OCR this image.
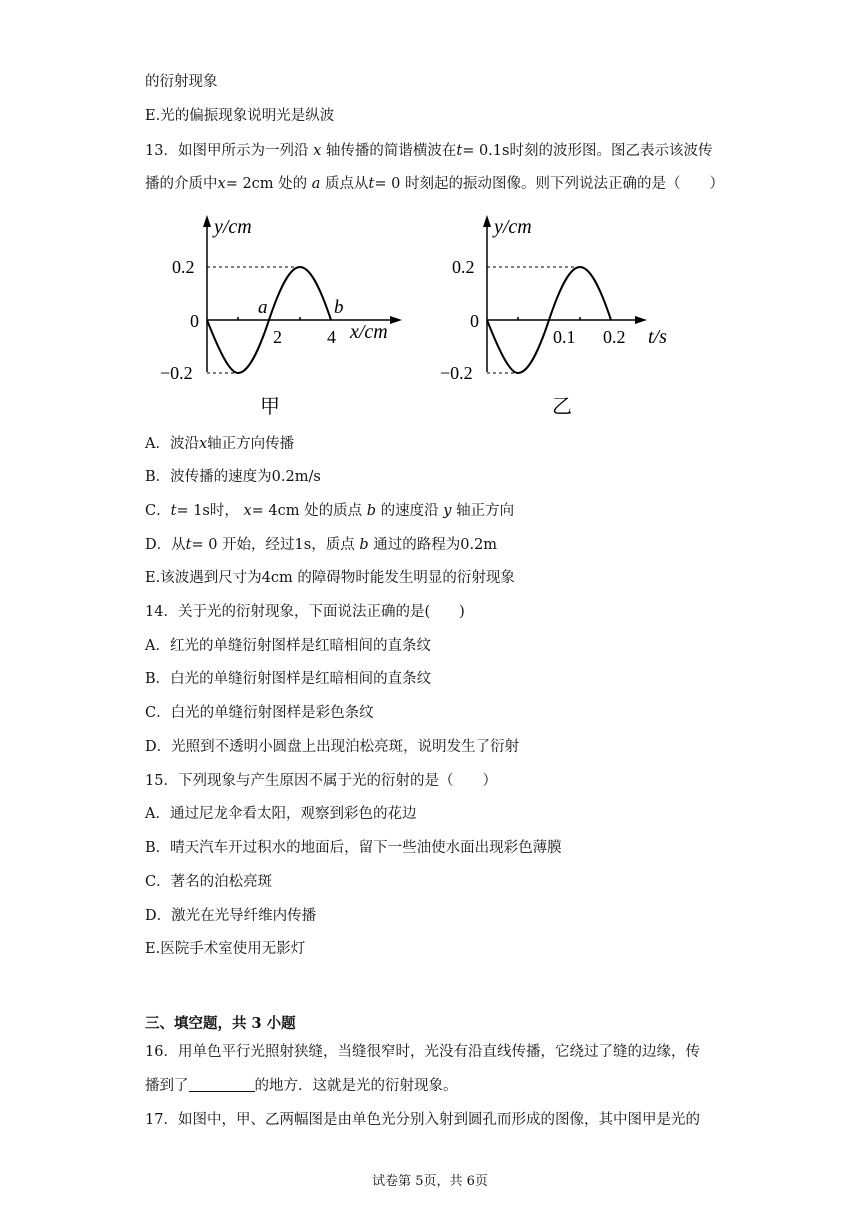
的衍射现象
E.光的偏振现象说明光是纵波
13．如图甲所示为一列沿 x 轴传播的简谐横波在t= 0.1s时刻的波形图。图乙表示该波传
播的介质中x= 2cm 处的 a 质点从t= 0 时刻起的振动图像。则下列说法正确的是（　　）
y/cm
0.2
0
−0.2
a	b
2	4 x/cm
甲
y/cm
0.2
0
−0.2
0.1 0.2 t/s
乙
A．波沿x轴正方向传播
B．波传播的速度为0.2m/s
C．t= 1s时， x= 4cm 处的质点 b 的速度沿 y 轴正方向
D．从t= 0 开始，经过1s，质点 b 通过的路程为0.2m
E.该波遇到尺寸为4cm 的障碍物时能发生明显的衍射现象
14．关于光的衍射现象，下面说法正确的是(　　)
A．红光的单缝衍射图样是红暗相间的直条纹
B．白光的单缝衍射图样是红暗相间的直条纹
C．白光的单缝衍射图样是彩色条纹
D．光照到不透明小圆盘上出现泊松亮斑，说明发生了衍射
15．下列现象与产生原因不属于光的衍射的是（　　）
A．通过尼龙伞看太阳，观察到彩色的花边
B．晴天汽车开过积水的地面后，留下一些油使水面出现彩色薄膜
C．著名的泊松亮斑
D．激光在光导纤维内传播
E.医院手术室使用无影灯
三、填空题，共 3 小题
16．用单色平行光照射狭缝，当缝很窄时，光没有沿直线传播，它绕过了缝的边缘，传
播到了	的地方．这就是光的衍射现象。
17．如图中，甲、乙两幅图是由单色光分别入射到圆孔而形成的图像，其中图甲是光的
试卷第 5页，共 6页
